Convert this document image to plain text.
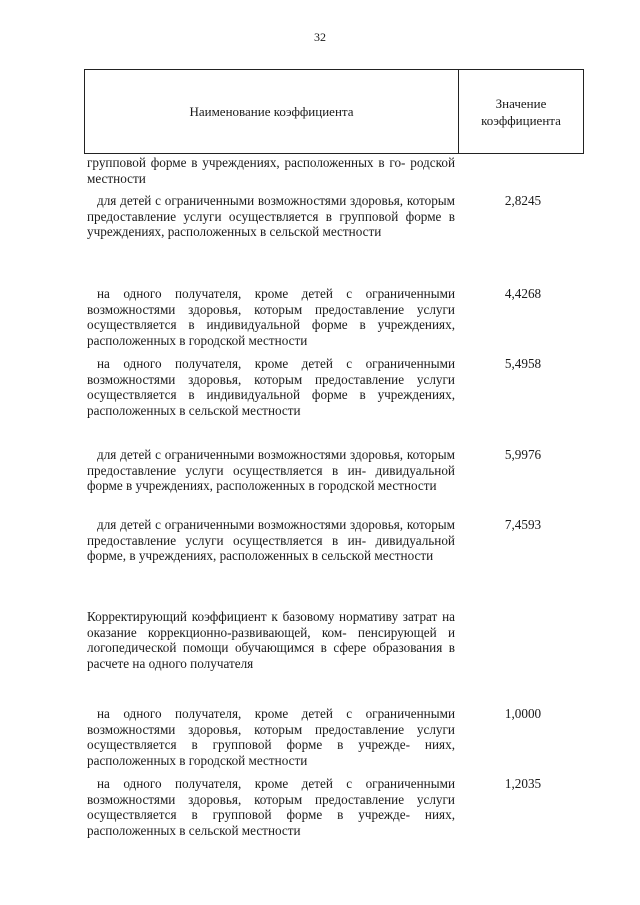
32
Наименование коэффициента
Значение
коэффициента
групповой форме в учреждениях, расположенных в го- родской местности
для детей с ограниченными возможностями здоровья, которым предоставление услуги осуществляется в групповой форме в учреждениях, расположенных в сельской местности
2,8245
на одного получателя, кроме детей с ограниченными возможностями здоровья, которым предоставление услуги осуществляется в индивидуальной форме в учреждениях, расположенных в городской местности
4,4268
на одного получателя, кроме детей с ограниченными возможностями здоровья, которым предоставление услуги осуществляется в индивидуальной форме в учреждениях, расположенных в сельской местности
5,4958
для детей с ограниченными возможностями здоровья, которым предоставление услуги осуществляется в ин- дивидуальной форме в учреждениях, расположенных в городской местности
5,9976
для детей с ограниченными возможностями здоровья, которым предоставление услуги осуществляется в ин- дивидуальной форме, в учреждениях, расположенных в сельской местности
7,4593
Корректирующий коэффициент к базовому нормативу затрат на оказание коррекционно-развивающей, ком- пенсирующей и логопедической помощи обучающимся в сфере образования в расчете на одного получателя
на одного получателя, кроме детей с ограниченными возможностями здоровья, которым предоставление услуги осуществляется в групповой форме в учрежде- ниях, расположенных в городской местности
1,0000
на одного получателя, кроме детей с ограниченными возможностями здоровья, которым предоставление услуги осуществляется в групповой форме в учрежде- ниях, расположенных в сельской местности
1,2035
